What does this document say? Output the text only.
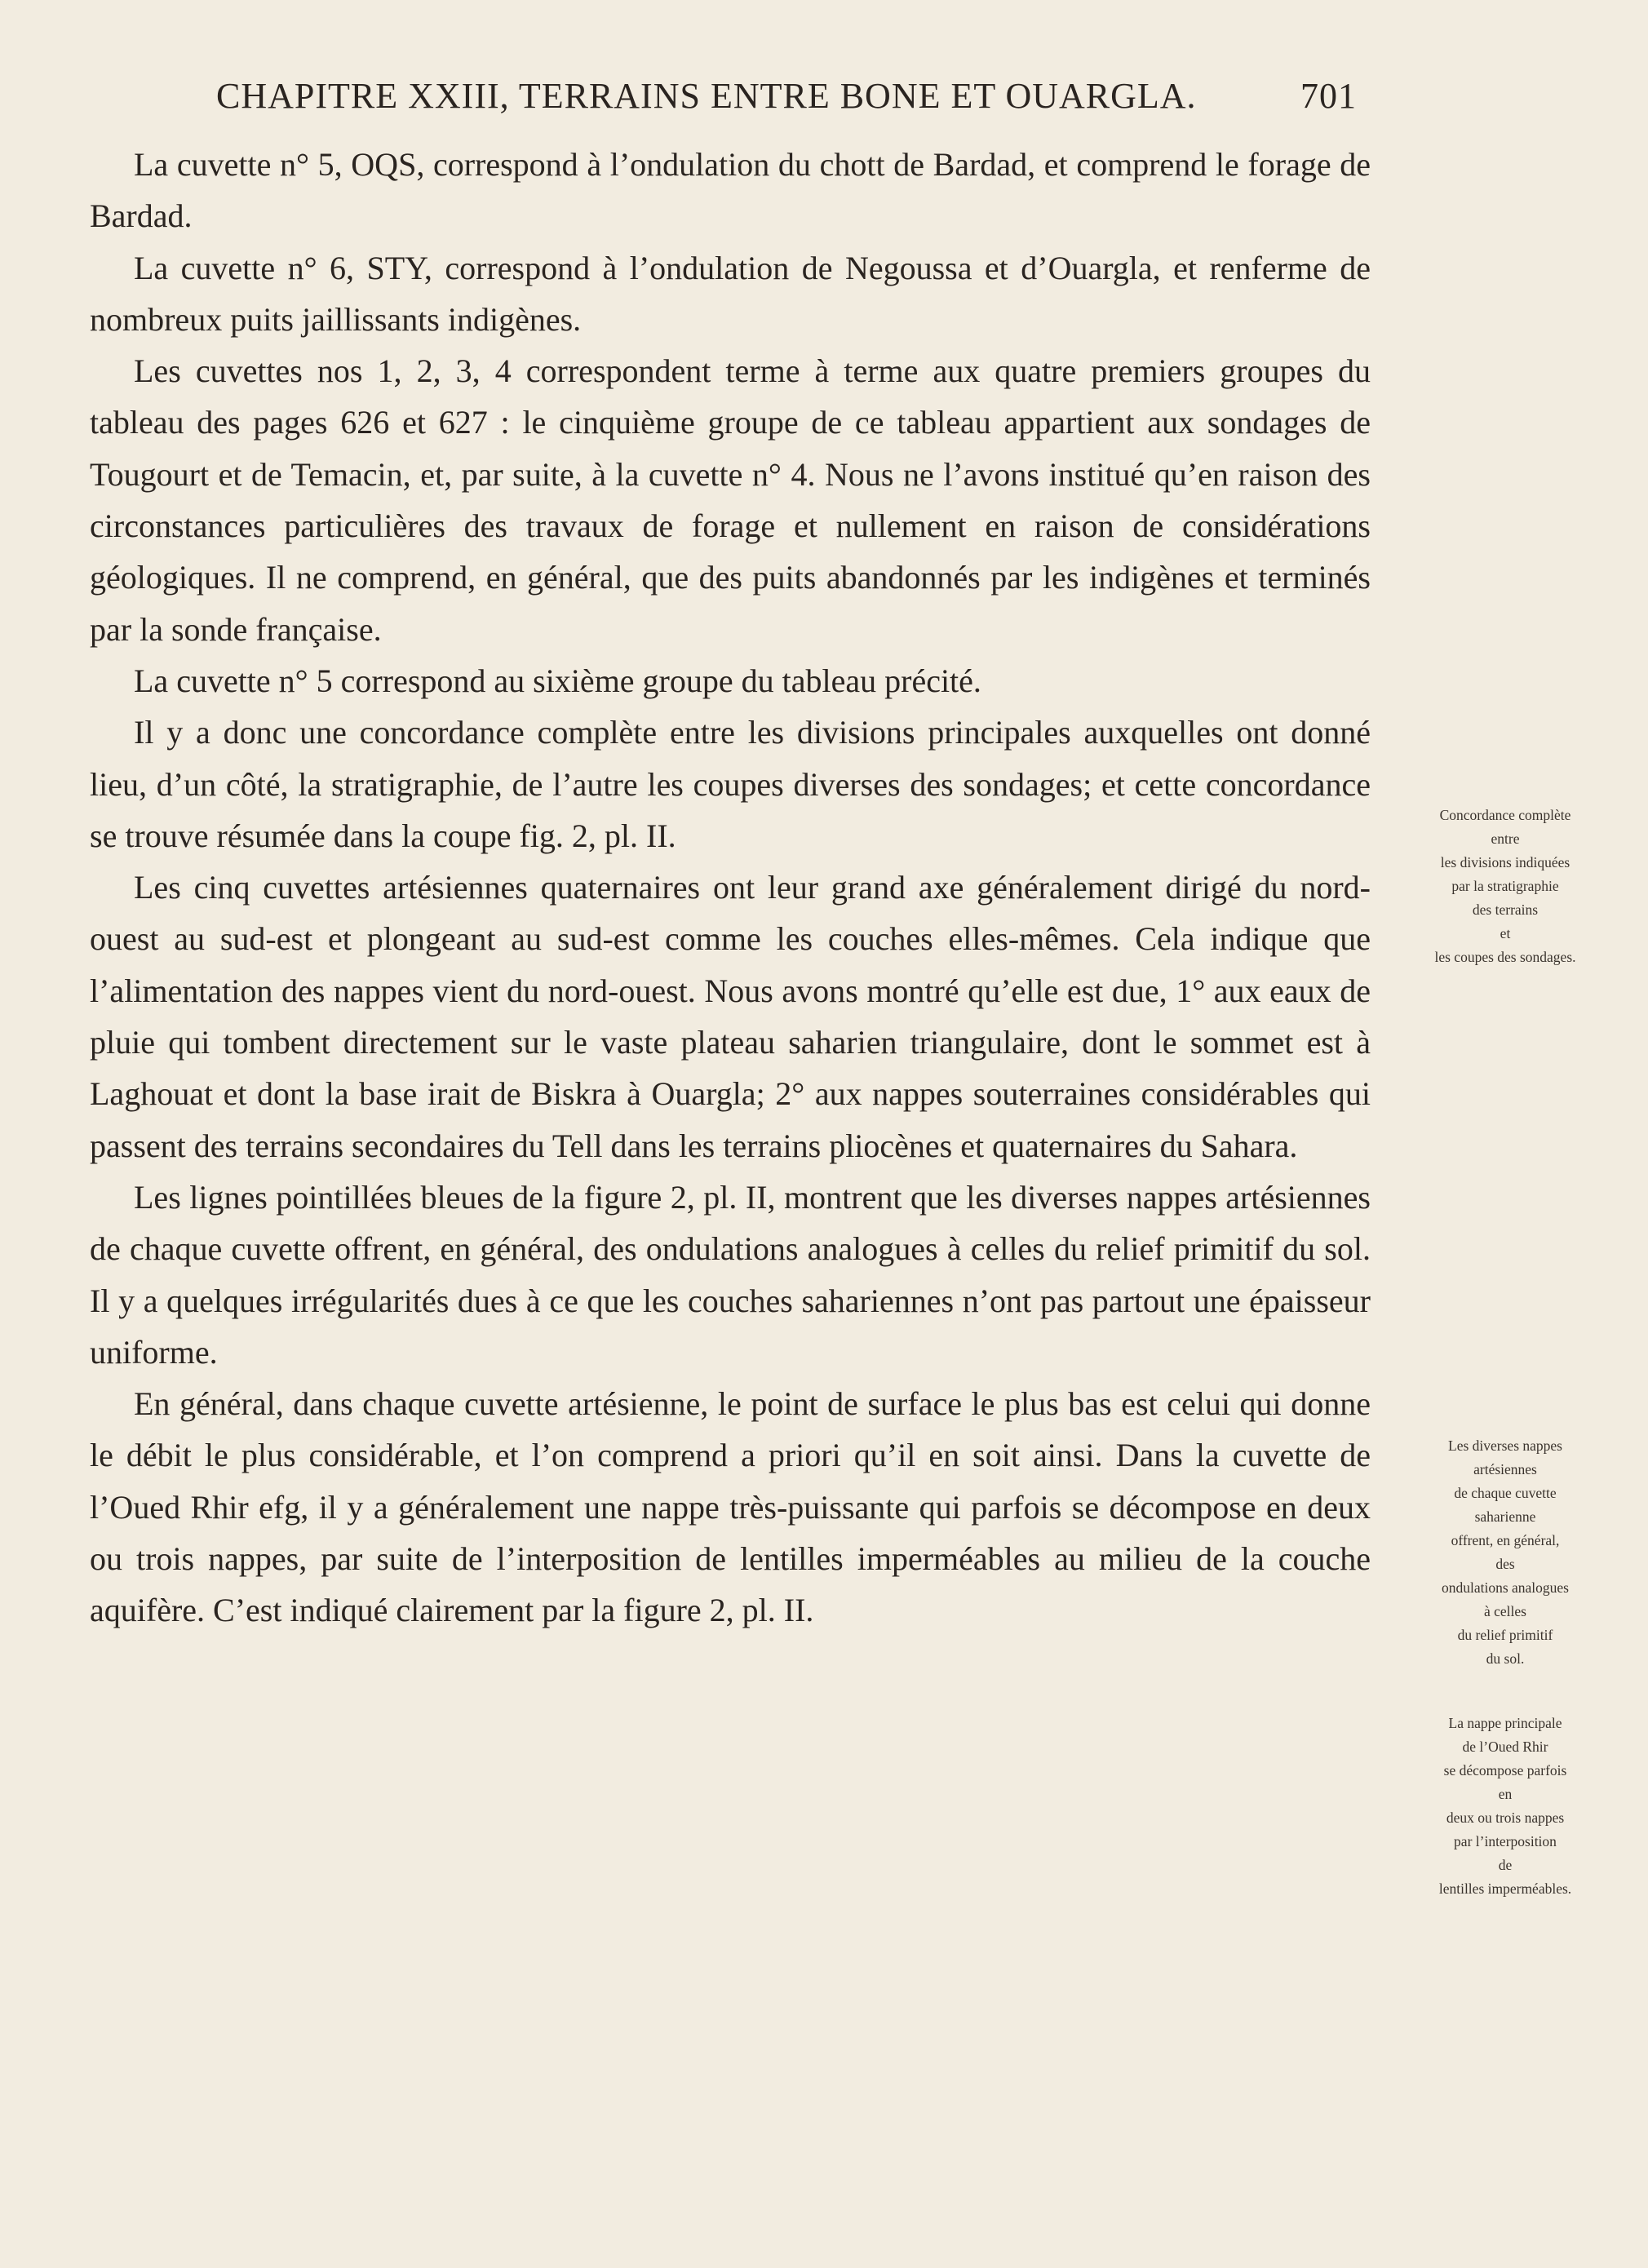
CHAPITRE XXIII, TERRAINS ENTRE BONE ET OUARGLA.	701

La cuvette n° 5, OQS, correspond à l’ondulation du chott de Bardad, et comprend le forage de Bardad.

La cuvette n° 6, STY, correspond à l’ondulation de Negoussa et d’Ouargla, et renferme de nombreux puits jaillissants indigènes.

Les cuvettes nos 1, 2, 3, 4 correspondent terme à terme aux quatre premiers groupes du tableau des pages 626 et 627 : le cinquième groupe de ce tableau appartient aux sondages de Tougourt et de Temacin, et, par suite, à la cuvette n° 4. Nous ne l’avons institué qu’en raison des circonstances particulières des travaux de forage et nullement en raison de considérations géologiques. Il ne comprend, en général, que des puits abandonnés par les indigènes et terminés par la sonde française.

La cuvette n° 5 correspond au sixième groupe du tableau précité.

Il y a donc une concordance complète entre les divisions principales auxquelles ont donné lieu, d’un côté, la stratigraphie, de l’autre les coupes diverses des sondages; et cette concordance se trouve résumée dans la coupe fig. 2, pl. II.

Les cinq cuvettes artésiennes quaternaires ont leur grand axe généralement dirigé du nord-ouest au sud-est et plongeant au sud-est comme les couches elles-mêmes. Cela indique que l’alimentation des nappes vient du nord-ouest. Nous avons montré qu’elle est due, 1° aux eaux de pluie qui tombent directement sur le vaste plateau saharien triangulaire, dont le sommet est à Laghouat et dont la base irait de Biskra à Ouargla; 2° aux nappes souterraines considérables qui passent des terrains secondaires du Tell dans les terrains pliocènes et quaternaires du Sahara.

Les lignes pointillées bleues de la figure 2, pl. II, montrent que les diverses nappes artésiennes de chaque cuvette offrent, en général, des ondulations analogues à celles du relief primitif du sol. Il y a quelques irrégularités dues à ce que les couches sahariennes n’ont pas partout une épaisseur uniforme.

En général, dans chaque cuvette artésienne, le point de surface le plus bas est celui qui donne le débit le plus considérable, et l’on comprend a priori qu’il en soit ainsi. Dans la cuvette de l’Oued Rhir efg, il y a généralement une nappe très-puissante qui parfois se décompose en deux ou trois nappes, par suite de l’interposition de lentilles imperméables au milieu de la couche aquifère. C’est indiqué clairement par la figure 2, pl. II.

Concordance complète
entre
les divisions indiquées
par la stratigraphie
des terrains
et
les coupes des sondages.
Les diverses nappes
artésiennes
de chaque cuvette
saharienne
offrent, en général,
des
ondulations analogues
à celles
du relief primitif
du sol.
La nappe principale
de l’Oued Rhir
se décompose parfois
en
deux ou trois nappes
par l’interposition
de
lentilles imperméables.
